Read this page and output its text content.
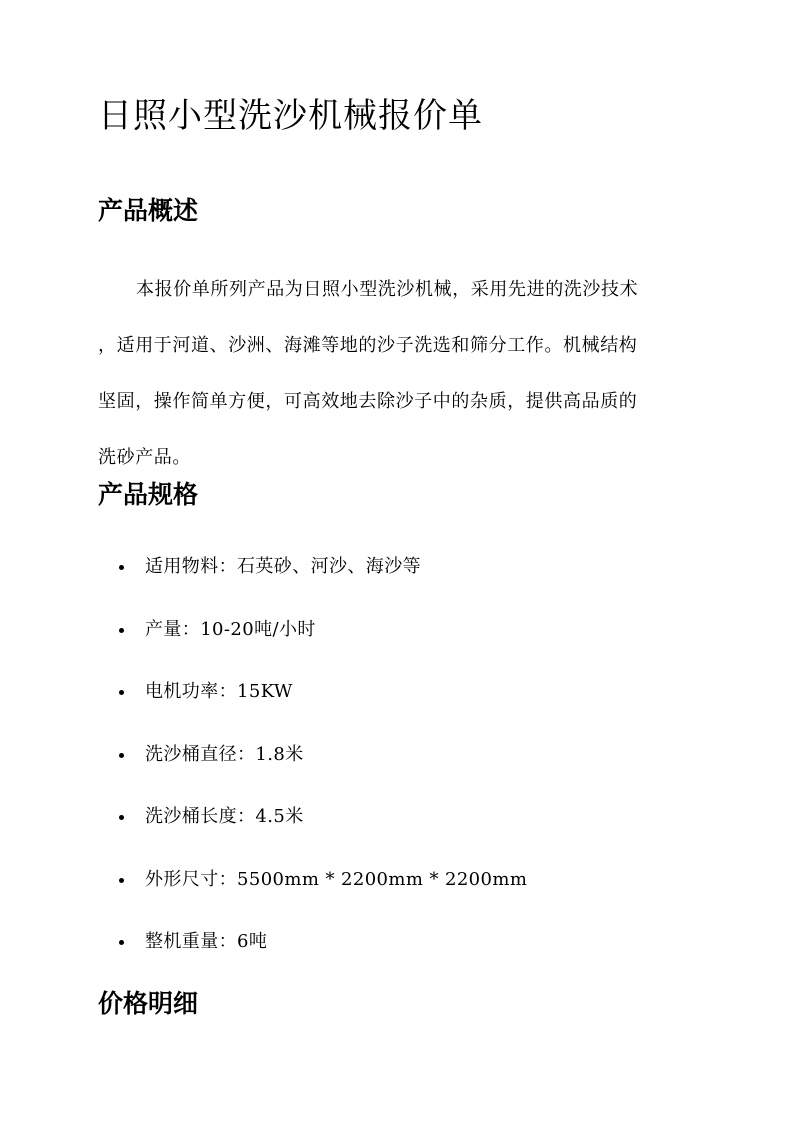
日照小型洗沙机械报价单
产品概述
本报价单所列产品为日照小型洗沙机械，采用先进的洗沙技术
，适用于河道、沙洲、海滩等地的沙子洗选和筛分工作。机械结构
坚固，操作简单方便，可高效地去除沙子中的杂质，提供高品质的
洗砂产品。
产品规格
适用物料：石英砂、河沙、海沙等
产量：10-20吨/小时
电机功率：15KW
洗沙桶直径：1.8米
洗沙桶长度：4.5米
外形尺寸：5500mm * 2200mm * 2200mm
整机重量：6吨
价格明细
